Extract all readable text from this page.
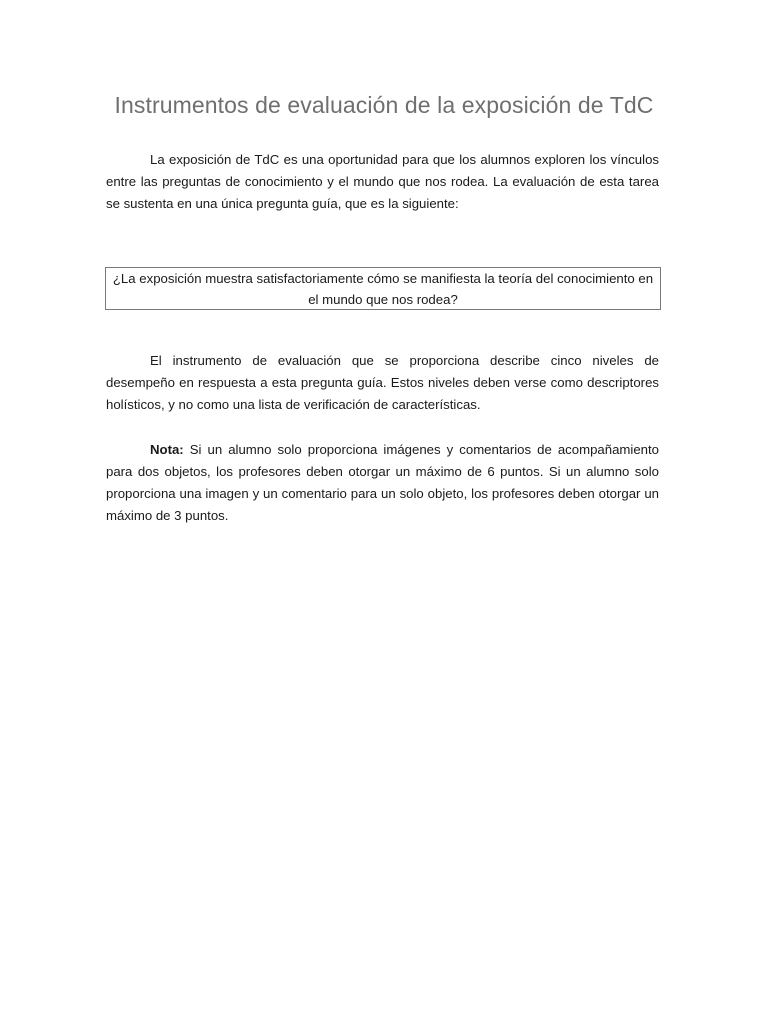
Instrumentos de evaluación de la exposición de TdC

La exposición de TdC es una oportunidad para que los alumnos exploren los vínculos entre las preguntas de conocimiento y el mundo que nos rodea. La evaluación de esta tarea se sustenta en una única pregunta guía, que es la siguiente:

¿La exposición muestra satisfactoriamente cómo se manifiesta la teoría del conocimiento en el mundo que nos rodea?

El instrumento de evaluación que se proporciona describe cinco niveles de desempeño en respuesta a esta pregunta guía. Estos niveles deben verse como descriptores holísticos, y no como una lista de verificación de características.

Nota: Si un alumno solo proporciona imágenes y comentarios de acompañamiento para dos objetos, los profesores deben otorgar un máximo de 6 puntos. Si un alumno solo proporciona una imagen y un comentario para un solo objeto, los profesores deben otorgar un máximo de 3 puntos.
